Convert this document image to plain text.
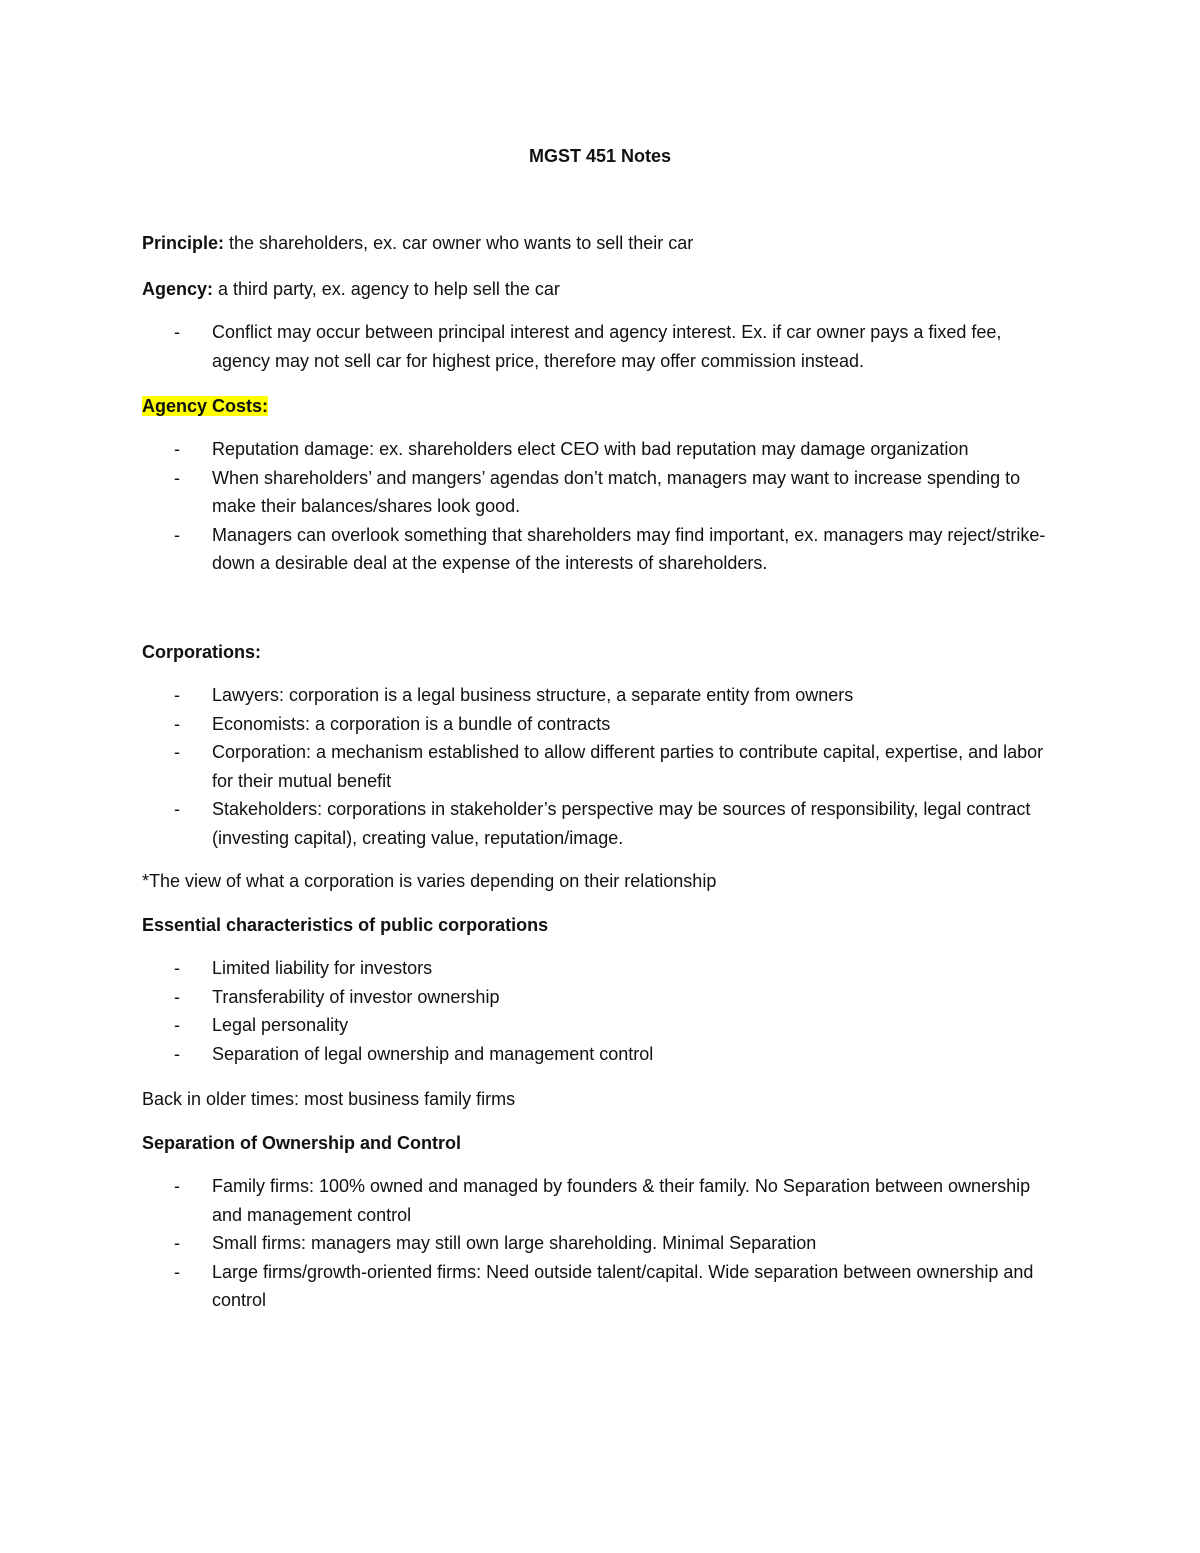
MGST 451 Notes

Principle: the shareholders, ex. car owner who wants to sell their car

Agency: a third party, ex. agency to help sell the car

- Conflict may occur between principal interest and agency interest. Ex. if car owner pays a fixed fee, agency may not sell car for highest price, therefore may offer commission instead.

Agency Costs:

- Reputation damage: ex. shareholders elect CEO with bad reputation may damage organization
- When shareholders’ and mangers’ agendas don’t match, managers may want to increase spending to make their balances/shares look good.
- Managers can overlook something that shareholders may find important, ex. managers may reject/strike-down a desirable deal at the expense of the interests of shareholders.

Corporations:

- Lawyers: corporation is a legal business structure, a separate entity from owners
- Economists: a corporation is a bundle of contracts
- Corporation: a mechanism established to allow different parties to contribute capital, expertise, and labor for their mutual benefit
- Stakeholders: corporations in stakeholder’s perspective may be sources of responsibility, legal contract (investing capital), creating value, reputation/image.

*The view of what a corporation is varies depending on their relationship

Essential characteristics of public corporations

- Limited liability for investors
- Transferability of investor ownership
- Legal personality
- Separation of legal ownership and management control

Back in older times: most business family firms

Separation of Ownership and Control

- Family firms: 100% owned and managed by founders & their family. No Separation between ownership and management control
- Small firms: managers may still own large shareholding. Minimal Separation
- Large firms/growth-oriented firms: Need outside talent/capital. Wide separation between ownership and control
